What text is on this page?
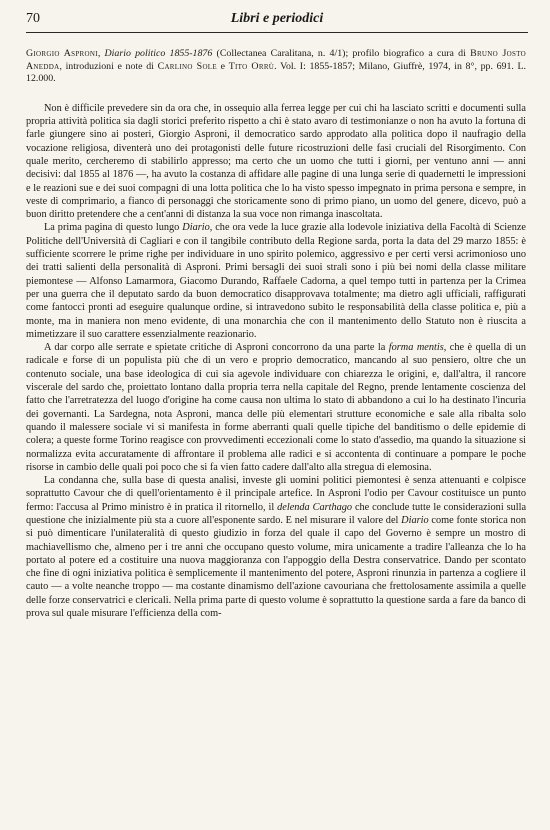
70	Libri e periodici

Giorgio Asproni, Diario politico 1855-1876 (Collectanea Caralitana, n. 4/1); profilo biografico a cura di Bruno Josto Anedda, introduzioni e note di Carlino Sole e Tito Orrù. Vol. I: 1855-1857; Milano, Giuffrè, 1974, in 8°, pp. 691. L. 12.000.

Non è difficile prevedere sin da ora che, in ossequio alla ferrea legge per cui chi ha lasciato scritti e documenti sulla propria attività politica sia dagli storici preferito rispetto a chi è stato avaro di testimonianze o non ha avuto la fortuna di farle giungere sino ai posteri, Giorgio Asproni, il democratico sardo approdato alla politica dopo il naufragio della vocazione religiosa, diventerà uno dei protagonisti delle future ricostruzioni delle fasi cruciali del Risorgimento. Con quale merito, cercheremo di stabilirlo appresso; ma certo che un uomo che tutti i giorni, per ventuno anni — anni decisivi: dal 1855 al 1876 —, ha avuto la costanza di affidare alle pagine di una lunga serie di quadernetti le impressioni e le reazioni sue e dei suoi compagni di una lotta politica che lo ha visto spesso impegnato in prima persona e sempre, in veste di comprimario, a fianco di personaggi che storicamente sono di primo piano, un uomo del genere, dicevo, può a buon diritto pretendere che a cent'anni di distanza la sua voce non rimanga inascoltata.

La prima pagina di questo lungo Diario, che ora vede la luce grazie alla lodevole iniziativa della Facoltà di Scienze Politiche dell'Università di Cagliari e con il tangibile contributo della Regione sarda, porta la data del 29 marzo 1855: è sufficiente scorrere le prime righe per individuare in uno spirito polemico, aggressivo e per certi versi acrimonioso uno dei tratti salienti della personalità di Asproni. Primi bersagli dei suoi strali sono i più bei nomi della classe militare piemontese — Alfonso Lamarmora, Giacomo Durando, Raffaele Cadorna, a quel tempo tutti in partenza per la Crimea per una guerra che il deputato sardo da buon democratico disapprovava totalmente; ma dietro agli ufficiali, raffigurati come fantocci pronti ad eseguire qualunque ordine, si intravedono subito le responsabilità della classe politica e, più a monte, ma in maniera non meno evidente, di una monarchia che con il mantenimento dello Statuto non è riuscita a mimetizzare il suo carattere essenzialmente reazionario.

A dar corpo alle serrate e spietate critiche di Asproni concorrono da una parte la forma mentis, che è quella di un radicale e forse di un populista più che di un vero e proprio democratico, mancando al suo pensiero, oltre che un contenuto sociale, una base ideologica di cui sia agevole individuare con chiarezza le origini, e, dall'altra, il rancore viscerale del sardo che, proiettato lontano dalla propria terra nella capitale del Regno, prende lentamente coscienza del fatto che l'arretratezza del luogo d'origine ha come causa non ultima lo stato di abbandono a cui lo ha destinato l'incuria dei governanti. La Sardegna, nota Asproni, manca delle più elementari strutture economiche e sale alla ribalta solo quando il malessere sociale vi si manifesta in forme aberranti quali quelle tipiche del banditismo o delle epidemie di colera; a queste forme Torino reagisce con provvedimenti eccezionali come lo stato d'assedio, ma quando la situazione si normalizza evita accuratamente di affrontare il problema alle radici e si accontenta di continuare a pompare le poche risorse in cambio delle quali poi poco che si fa vien fatto cadere dall'alto alla stregua di elemosina.

La condanna che, sulla base di questa analisi, investe gli uomini politici piemontesi è senza attenuanti e colpisce soprattutto Cavour che di quell'orientamento è il principale artefice. In Asproni l'odio per Cavour costituisce un punto fermo: l'accusa al Primo ministro è in pratica il ritornello, il delenda Carthago che conclude tutte le considerazioni sulla questione che inizialmente più sta a cuore all'esponente sardo. E nel misurare il valore del Diario come fonte storica non si può dimenticare l'unilateralità di questo giudizio in forza del quale il capo del Governo è sempre un mostro di machiavellismo che, almeno per i tre anni che occupano questo volume, mira unicamente a tradire l'alleanza che lo ha portato al potere ed a costituire una nuova maggioranza con l'appoggio della Destra conservatrice. Dando per scontato che fine di ogni iniziativa politica è semplicemente il mantenimento del potere, Asproni rinunzia in partenza a cogliere il cauto — a volte neanche troppo — ma costante dinamismo dell'azione cavouriana che frettolosamente assimila a quelle delle forze conservatrici e clericali. Nella prima parte di questo volume è soprattutto la questione sarda a fare da banco di prova sul quale misurare l'efficienza della com-
